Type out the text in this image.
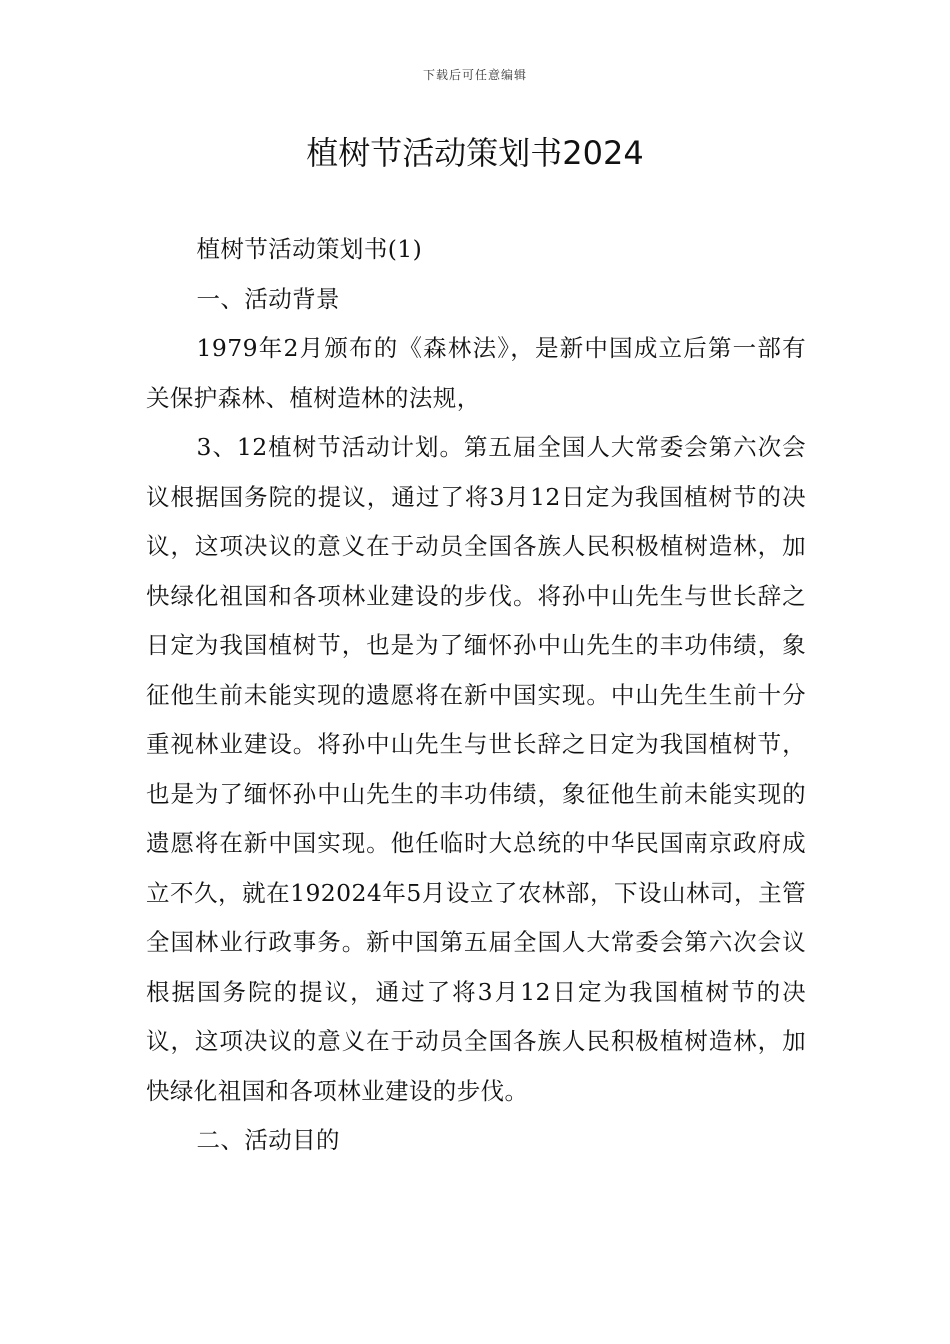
下载后可任意编辑
植树节活动策划书2024

植树节活动策划书(1)

一、活动背景

1979年2月颁布的《森林法》，是新中国成立后第一部有关保护森林、植树造林的法规，

3、12植树节活动计划。第五届全国人大常委会第六次会议根据国务院的提议，通过了将3月12日定为我国植树节的决议，这项决议的意义在于动员全国各族人民积极植树造林，加快绿化祖国和各项林业建设的步伐。将孙中山先生与世长辞之日定为我国植树节，也是为了缅怀孙中山先生的丰功伟绩，象征他生前未能实现的遗愿将在新中国实现。中山先生生前十分重视林业建设。将孙中山先生与世长辞之日定为我国植树节，也是为了缅怀孙中山先生的丰功伟绩，象征他生前未能实现的遗愿将在新中国实现。他任临时大总统的中华民国南京政府成立不久，就在192024年5月设立了农林部，下设山林司，主管全国林业行政事务。新中国第五届全国人大常委会第六次会议根据国务院的提议，通过了将3月12日定为我国植树节的决议，这项决议的意义在于动员全国各族人民积极植树造林，加快绿化祖国和各项林业建设的步伐。

二、活动目的
